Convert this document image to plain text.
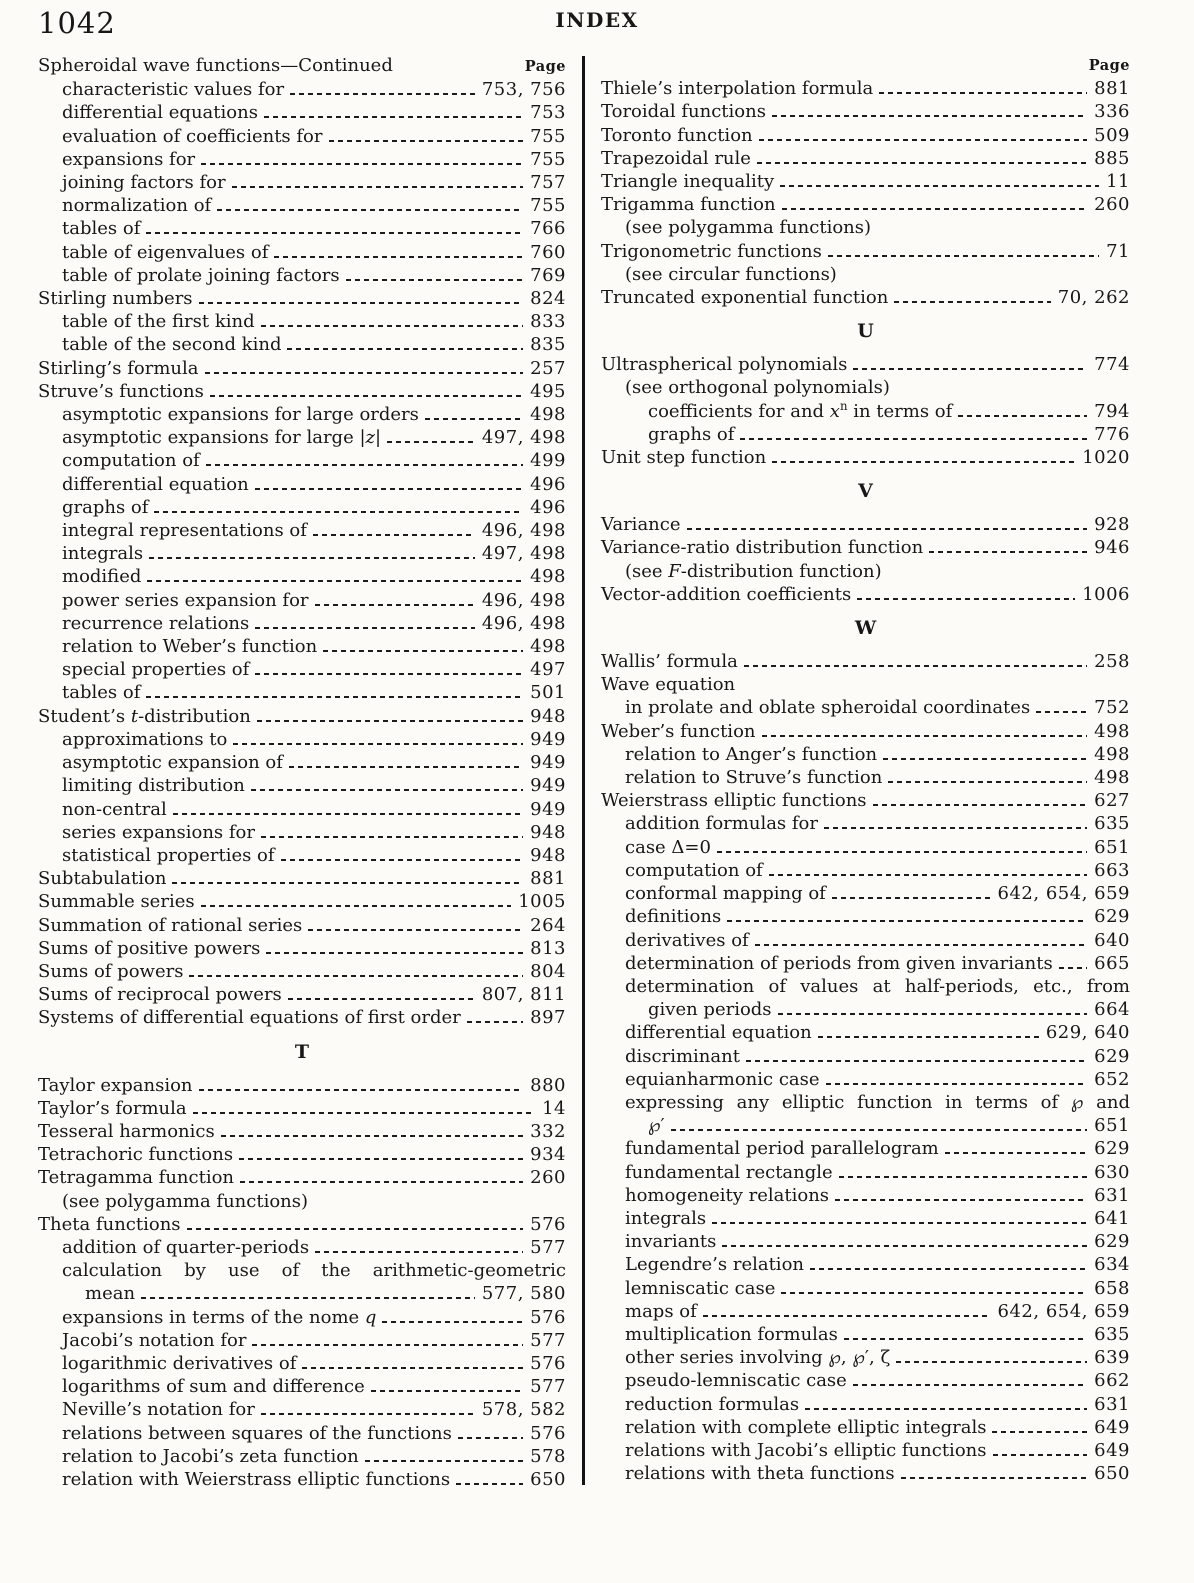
1042	INDEX
Spheroidal wave functions—Continued	Page
characteristic values for	753, 756
differential equations	753
evaluation of coefficients for	755
expansions for	755
joining factors for	757
normalization of	755
tables of	766
table of eigenvalues of	760
table of prolate joining factors	769
Stirling numbers	824
table of the first kind	833
table of the second kind	835
Stirling’s formula	257
Struve’s functions	495
asymptotic expansions for large orders	498
asymptotic expansions for large |z|	497, 498
computation of	499
differential equation	496
graphs of	496
integral representations of	496, 498
integrals	497, 498
modified	498
power series expansion for	496, 498
recurrence relations	496, 498
relation to Weber’s function	498
special properties of	497
tables of	501
Student’s t-distribution	948
approximations to	949
asymptotic expansion of	949
limiting distribution	949
non-central	949
series expansions for	948
statistical properties of	948
Subtabulation	881
Summable series	1005
Summation of rational series	264
Sums of positive powers	813
Sums of powers	804
Sums of reciprocal powers	807, 811
Systems of differential equations of first order	897
T
Taylor expansion	880
Taylor’s formula	14
Tesseral harmonics	332
Tetrachoric functions	934
Tetragamma function	260
(see polygamma functions)
Theta functions	576
addition of quarter-periods	577
calculation by use of the arithmetic-geometric
mean	577, 580
expansions in terms of the nome q	576
Jacobi’s notation for	577
logarithmic derivatives of	576
logarithms of sum and difference	577
Neville’s notation for	578, 582
relations between squares of the functions	576
relation to Jacobi’s zeta function	578
relation with Weierstrass elliptic functions	650
Page
Thiele’s interpolation formula	881
Toroidal functions	336
Toronto function	509
Trapezoidal rule	885
Triangle inequality	11
Trigamma function	260
(see polygamma functions)
Trigonometric functions	71
(see circular functions)
Truncated exponential function	70, 262
U
Ultraspherical polynomials	774
(see orthogonal polynomials)
coefficients for and $x^n$ in terms of	794
graphs of	776
Unit step function	1020
V
Variance	928
Variance-ratio distribution function	946
(see F-distribution function)
Vector-addition coefficients	1006
W
Wallis’ formula	258
Wave equation
in prolate and oblate spheroidal coordinates	752
Weber’s function	498
relation to Anger’s function	498
relation to Struve’s function	498
Weierstrass elliptic functions	627
addition formulas for	635
case Δ=0	651
computation of	663
conformal mapping of	642, 654, 659
definitions	629
derivatives of	640
determination of periods from given invariants 665
determination of values at half-periods, etc., from
given periods	664
differential equation	629, 640
discriminant	629
equianharmonic case	652
expressing any elliptic function in terms of ℘ and
℘′	651
fundamental period parallelogram	629
fundamental rectangle	630
homogeneity relations	631
integrals	641
invariants	629
Legendre’s relation	634
lemniscatic case	658
maps of	642, 654, 659
multiplication formulas	635
other series involving ℘, ℘′, ζ	639
pseudo-lemniscatic case	662
reduction formulas	631
relation with complete elliptic integrals	649
relations with Jacobi’s elliptic functions	649
relations with theta functions	650
